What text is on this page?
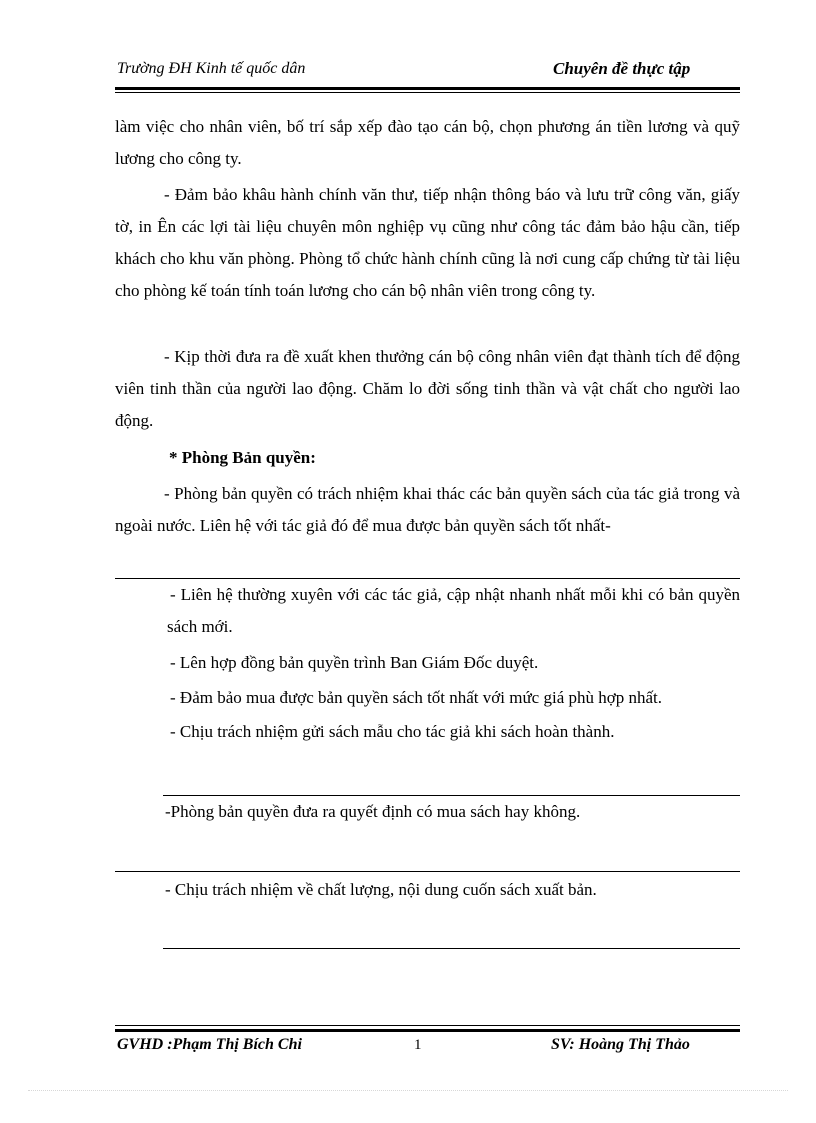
Trường ĐH Kinh tế quốc dân	Chuyên đề thực tập
làm việc cho nhân viên, bố trí sắp xếp đào tạo cán bộ, chọn phương án tiền lương và quỹ lương cho công ty.
- Đảm bảo khâu hành chính văn thư, tiếp nhận thông báo và lưu trữ công văn, giấy tờ, in Ên các lợi tài liệu chuyên môn nghiệp vụ cũng như công tác đảm bảo hậu cần, tiếp khách cho khu văn phòng. Phòng tổ chức hành chính cũng là nơi cung cấp chứng từ tài liệu cho phòng kế toán tính toán lương cho cán bộ nhân viên trong công ty.
- Kịp thời đưa ra đề xuất khen thưởng cán bộ công nhân viên đạt thành tích để động viên tinh thần của người lao động. Chăm lo đời sống tinh thần và vật chất cho người lao động.
* Phòng Bản quyền:
- Phòng bản quyền có trách nhiệm khai thác các bản quyền sách của tác giả trong và ngoài nước. Liên hệ với tác giả đó để mua được bản quyền sách tốt nhất-
- Liên hệ thường xuyên với các tác giả, cập nhật nhanh nhất mỗi khi có bản quyền sách mới.
- Lên hợp đồng bản quyền trình Ban Giám Đốc duyệt.
- Đảm bảo mua được bản quyền sách tốt nhất với mức giá phù hợp nhất.
- Chịu trách nhiệm gửi sách mẫu cho tác giả khi sách hoàn thành.
-Phòng bản quyền đưa ra quyết định có mua sách hay không.
- Chịu trách nhiệm về chất lượng, nội dung cuốn sách xuất bản.
GVHD :Phạm Thị Bích Chi	1	SV: Hoàng Thị Thảo
